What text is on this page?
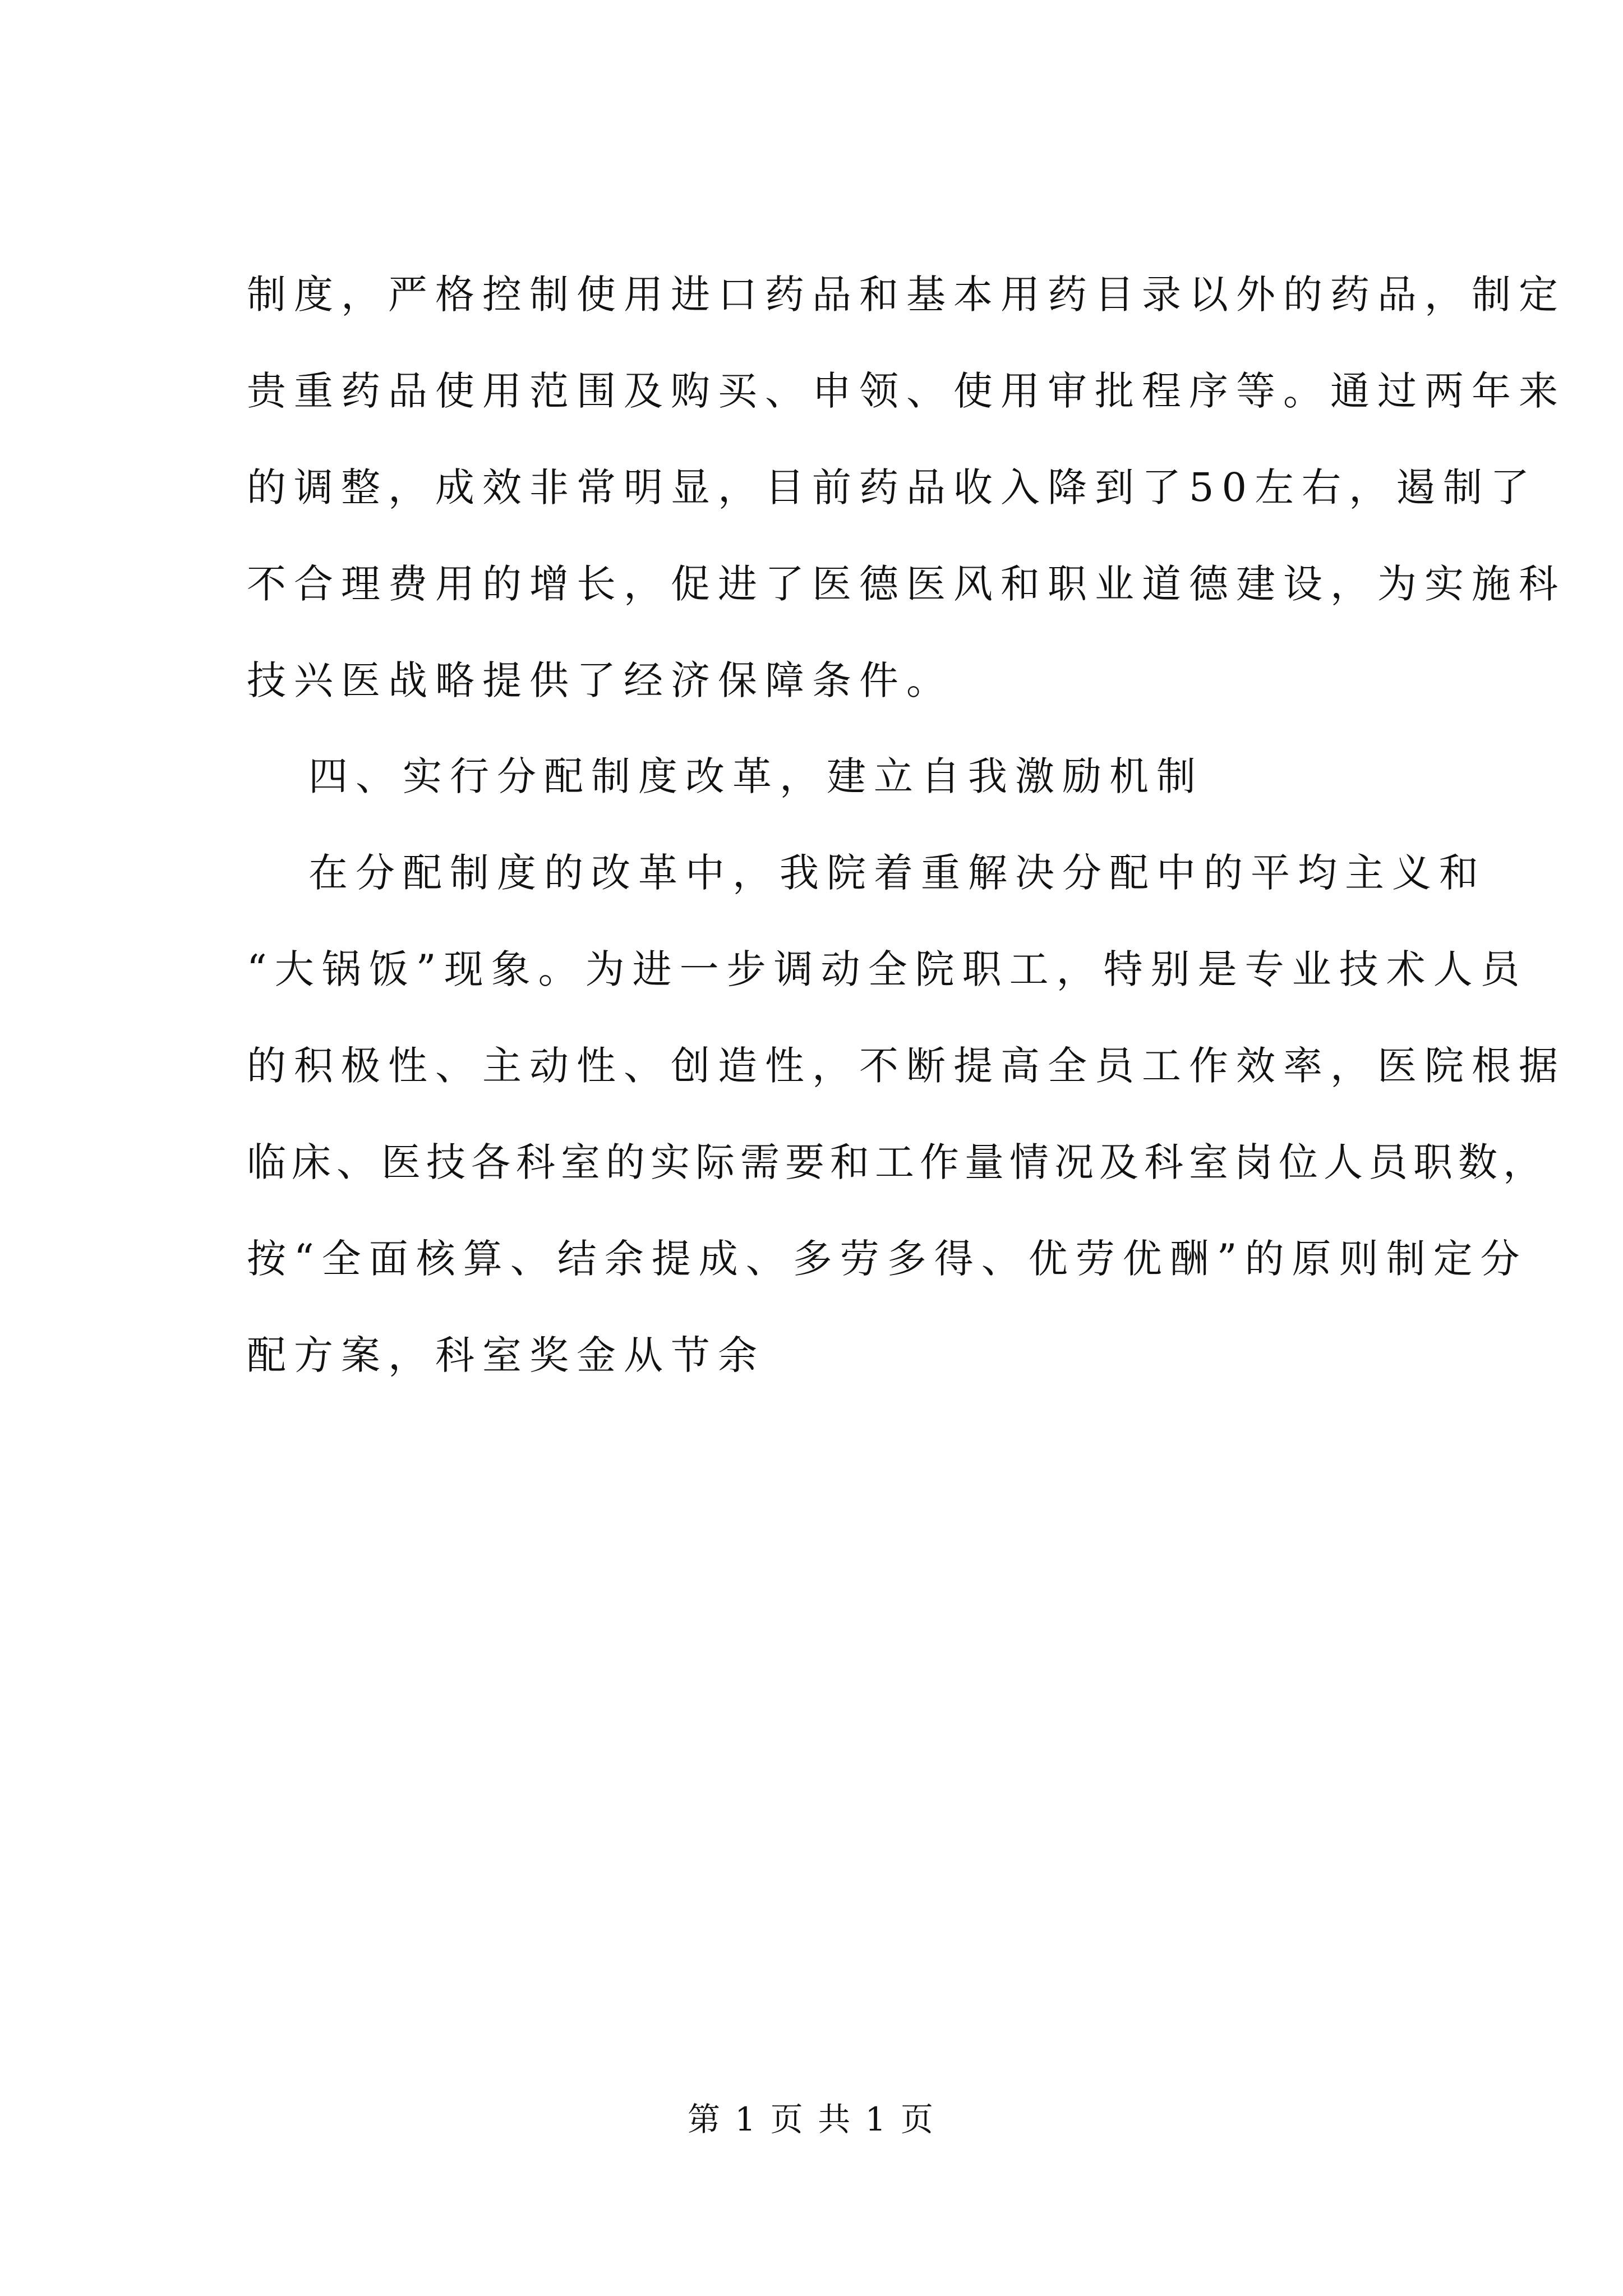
制度，严格控制使用进口药品和基本用药目录以外的药品，制定
贵重药品使用范围及购买、申领、使用审批程序等。通过两年来
的调整，成效非常明显，目前药品收入降到了50左右，遏制了
不合理费用的增长，促进了医德医风和职业道德建设，为实施科
技兴医战略提供了经济保障条件。
四、实行分配制度改革，建立自我激励机制
在分配制度的改革中，我院着重解决分配中的平均主义和
“大锅饭”现象。为进一步调动全院职工，特别是专业技术人员
的积极性、主动性、创造性，不断提高全员工作效率，医院根据
临床、医技各科室的实际需要和工作量情况及科室岗位人员职数，
按“全面核算、结余提成、多劳多得、优劳优酬”的原则制定分
配方案，科室奖金从节余
第 1 页 共 1 页
